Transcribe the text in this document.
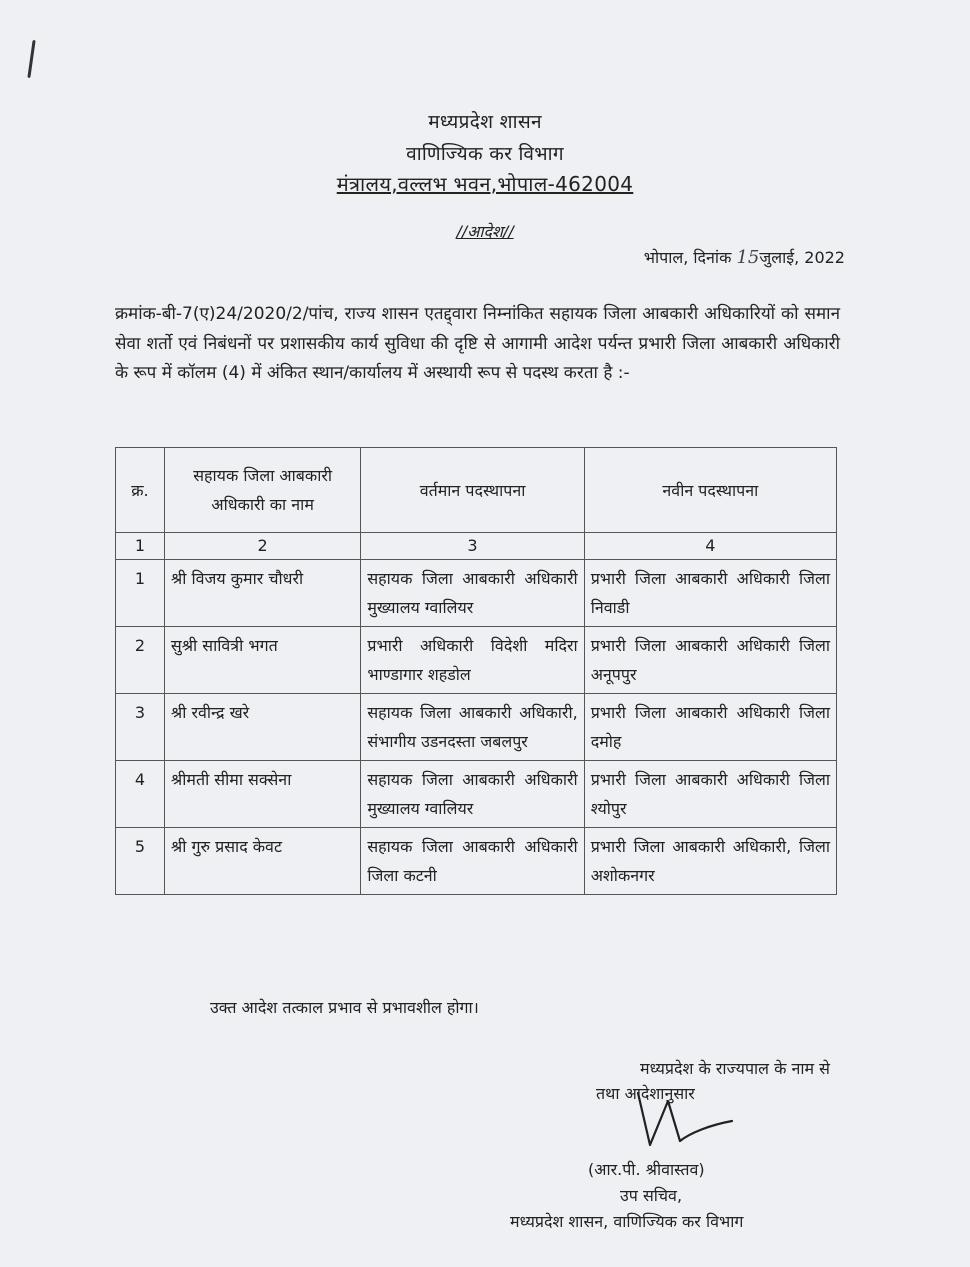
मध्यप्रदेश शासन
वाणिज्यिक कर विभाग
मंत्रालय,वल्लभ भवन,भोपाल-462004
//आदेश//
भोपाल, दिनांक 15जुलाई, 2022
क्रमांक-बी-7(ए)24/2020/2/पांच, राज्य शासन एतद्द्वारा निम्नांकित सहायक जिला आबकारी अधिकारियों को समान सेवा शर्तो एवं निबंधनों पर प्रशासकीय कार्य सुविधा की दृष्टि से आगामी आदेश पर्यन्त प्रभारी जिला आबकारी अधिकारी के रूप में कॉलम (4) में अंकित स्थान/कार्यालय में अस्थायी रूप से पदस्थ करता है :-
क्र.	सहायक जिला आबकारी अधिकारी का नाम	वर्तमान पदस्थापना	नवीन पदस्थापना
1	2	3	4
1	श्री विजय कुमार चौधरी	सहायक जिला आबकारी अधिकारी मुख्यालय ग्वालियर	प्रभारी जिला आबकारी अधिकारी जिला निवाडी
2	सुश्री सावित्री भगत	प्रभारी अधिकारी विदेशी मदिरा भाण्डागार शहडोल	प्रभारी जिला आबकारी अधिकारी जिला अनूपपुर
3	श्री रवीन्द्र खरे	सहायक जिला आबकारी अधिकारी, संभागीय उडनदस्ता जबलपुर	प्रभारी जिला आबकारी अधिकारी जिला दमोह
4	श्रीमती सीमा सक्सेना	सहायक जिला आबकारी अधिकारी मुख्यालय ग्वालियर	प्रभारी जिला आबकारी अधिकारी जिला श्योपुर
5	श्री गुरु प्रसाद केवट	सहायक जिला आबकारी अधिकारी जिला कटनी	प्रभारी जिला आबकारी अधिकारी, जिला अशोकनगर
उक्त आदेश तत्काल प्रभाव से प्रभावशील होगा।
मध्यप्रदेश के राज्यपाल के नाम से
तथा आदेशानुसार
(आर.पी. श्रीवास्तव)
उप सचिव,
मध्यप्रदेश शासन, वाणिज्यिक कर विभाग
